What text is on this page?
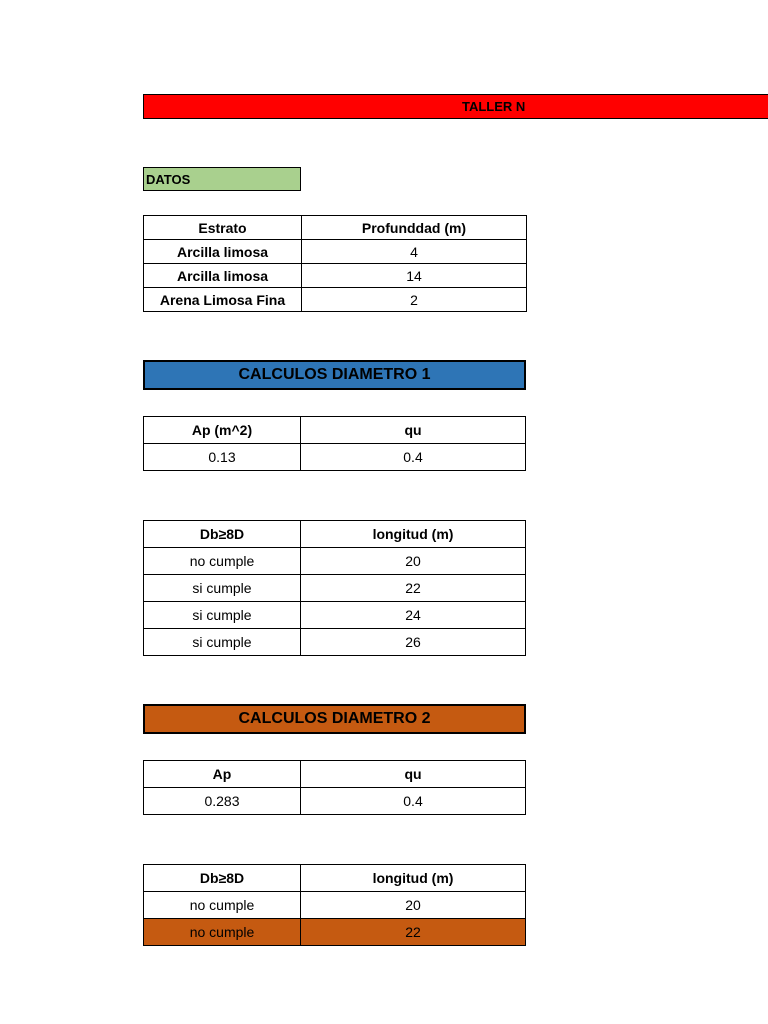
TALLER N
DATOS
Estrato	Profunddad (m)
Arcilla limosa	4
Arcilla limosa	14
Arena Limosa Fina	2
CALCULOS DIAMETRO 1
Ap (m^2)	qu
0.13	0.4
Db≥8D	longitud (m)
no cumple	20
si cumple	22
si cumple	24
si cumple	26
CALCULOS DIAMETRO 2
Ap	qu
0.283	0.4
Db≥8D	longitud (m)
no cumple	20
no cumple	22
